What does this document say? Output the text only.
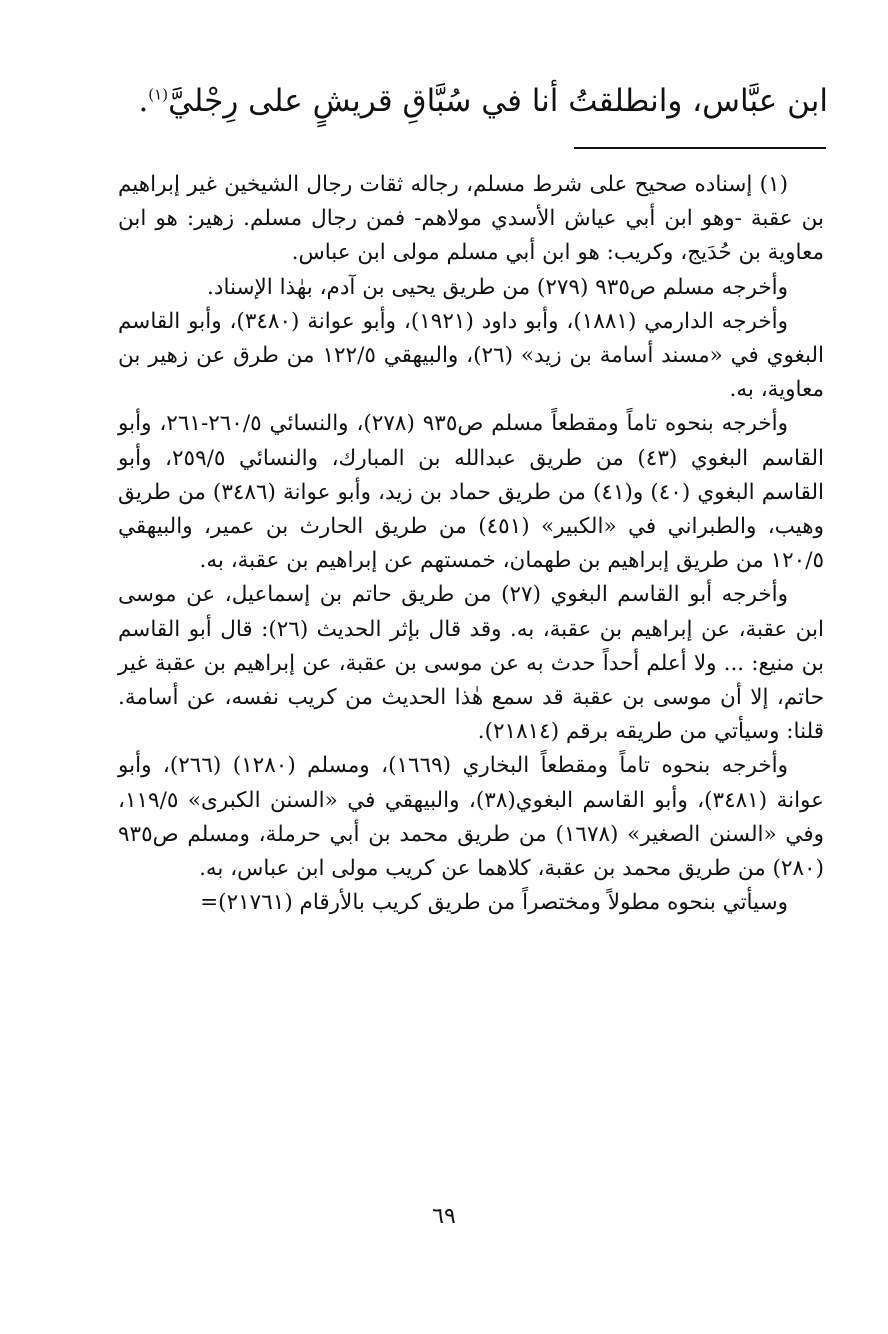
ابن عبَّاس، وانطلقتُ أنا في سُبَّاقِ قريشٍ على رِجْليَّ$^{(١)}$.

(١) إسناده صحيح على شرط مسلم، رجاله ثقات رجال الشيخين غير إبراهيم بن عقبة -وهو ابن أبي عياش الأسدي مولاهم- فمن رجال مسلم. زهير: هو ابن معاوية بن حُدَيج، وكريب: هو ابن أبي مسلم مولى ابن عباس.

وأخرجه مسلم ص٩٣٥ (٢٧٩) من طريق يحيى بن آدم، بهٰذا الإسناد.

وأخرجه الدارمي (١٨٨١)، وأبو داود (١٩٢١)، وأبو عوانة (٣٤٨٠)، وأبو القاسم البغوي في «مسند أسامة بن زيد» (٢٦)، والبيهقي ١٢٢/٥ من طرق عن زهير بن معاوية، به.

وأخرجه بنحوه تاماً ومقطعاً مسلم ص٩٣٥ (٢٧٨)، والنسائي ٢٦٠/٥-٢٦١، وأبو القاسم البغوي (٤٣) من طريق عبدالله بن المبارك، والنسائي ٢٥٩/٥، وأبو القاسم البغوي (٤٠) و(٤١) من طريق حماد بن زيد، وأبو عوانة (٣٤٨٦) من طريق وهيب، والطبراني في «الكبير» (٤٥١) من طريق الحارث بن عمير، والبيهقي ١٢٠/٥ من طريق إبراهيم بن طهمان، خمستهم عن إبراهيم بن عقبة، به.

وأخرجه أبو القاسم البغوي (٢٧) من طريق حاتم بن إسماعيل، عن موسى ابن عقبة، عن إبراهيم بن عقبة، به. وقد قال بإثر الحديث (٢٦): قال أبو القاسم بن منيع: ... ولا أعلم أحداً حدث به عن موسى بن عقبة، عن إبراهيم بن عقبة غير حاتم، إلا أن موسى بن عقبة قد سمع هٰذا الحديث من كريب نفسه، عن أسامة. قلنا: وسيأتي من طريقه برقم (٢١٨١٤).

وأخرجه بنحوه تاماً ومقطعاً البخاري (١٦٦٩)، ومسلم (١٢٨٠) (٢٦٦)، وأبو عوانة (٣٤٨١)، وأبو القاسم البغوي(٣٨)، والبيهقي في «السنن الكبرى» ١١٩/٥، وفي «السنن الصغير» (١٦٧٨) من طريق محمد بن أبي حرملة، ومسلم ص٩٣٥ (٢٨٠) من طريق محمد بن عقبة، كلاهما عن كريب مولى ابن عباس، به.

وسيأتي بنحوه مطولاً ومختصراً من طريق كريب بالأرقام (٢١٧٦١)=

٦٩
